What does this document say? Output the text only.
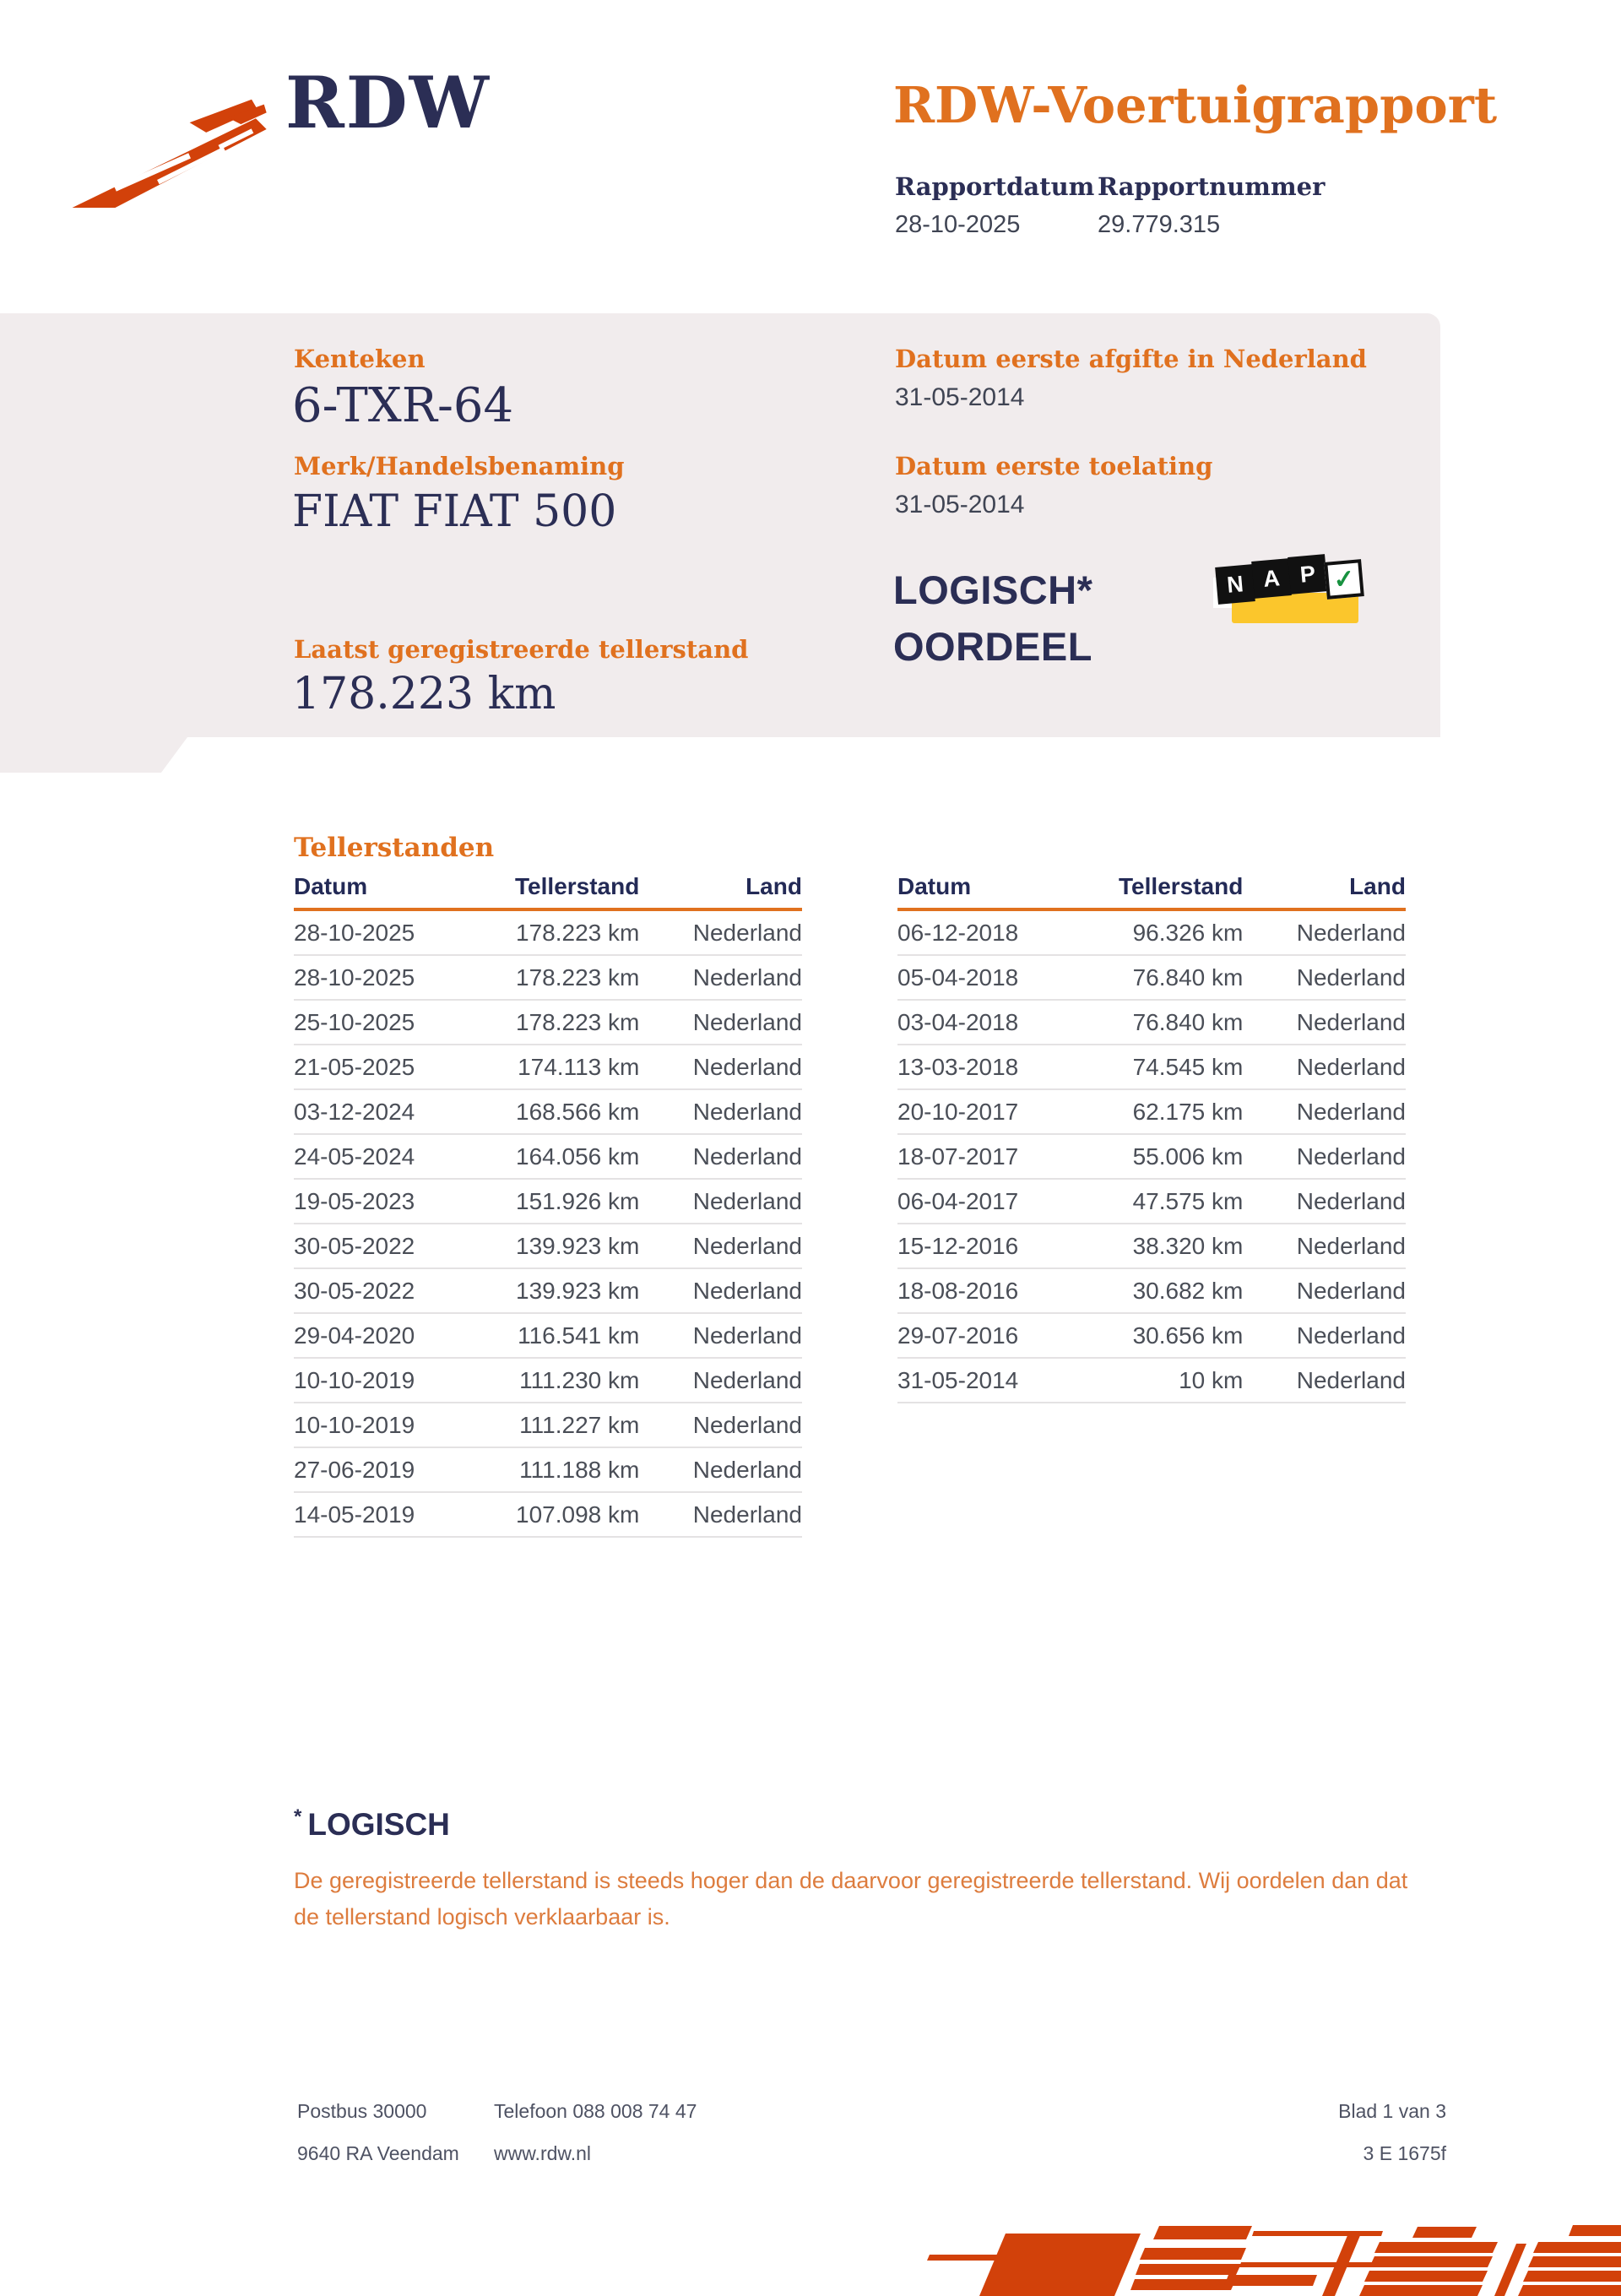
RDW	RDW-Voertuigrapport
Rapportdatum Rapportnummer
28-10-2025	29.779.315
Kenteken
6-TXR-64
Merk/Handelsbenaming
FIAT FIAT 500
Laatst geregistreerde tellerstand
178.223 km
Datum eerste afgifte in Nederland
31-05-2014
Datum eerste toelating
31-05-2014
LOGISCH*
OORDEEL
N A P ✓
Tellerstanden
Datum	Tellerstand	Land
28-10-2025	178.223 km	Nederland
28-10-2025	178.223 km	Nederland
25-10-2025	178.223 km	Nederland
21-05-2025	174.113 km	Nederland
03-12-2024	168.566 km	Nederland
24-05-2024	164.056 km	Nederland
19-05-2023	151.926 km	Nederland
30-05-2022	139.923 km	Nederland
30-05-2022	139.923 km	Nederland
29-04-2020	116.541 km	Nederland
10-10-2019	111.230 km	Nederland
10-10-2019	111.227 km	Nederland
27-06-2019	111.188 km	Nederland
14-05-2019	107.098 km	Nederland
Datum	Tellerstand	Land
06-12-2018	96.326 km	Nederland
05-04-2018	76.840 km	Nederland
03-04-2018	76.840 km	Nederland
13-03-2018	74.545 km	Nederland
20-10-2017	62.175 km	Nederland
18-07-2017	55.006 km	Nederland
06-04-2017	47.575 km	Nederland
15-12-2016	38.320 km	Nederland
18-08-2016	30.682 km	Nederland
29-07-2016	30.656 km	Nederland
31-05-2014	10 km	Nederland
* LOGISCH
De geregistreerde tellerstand is steeds hoger dan de daarvoor geregistreerde tellerstand. Wij oordelen dan dat de tellerstand logisch verklaarbaar is.
Postbus 30000
9640 RA Veendam
Telefoon 088 008 74 47
www.rdw.nl
Blad 1 van 3
3 E 1675f
